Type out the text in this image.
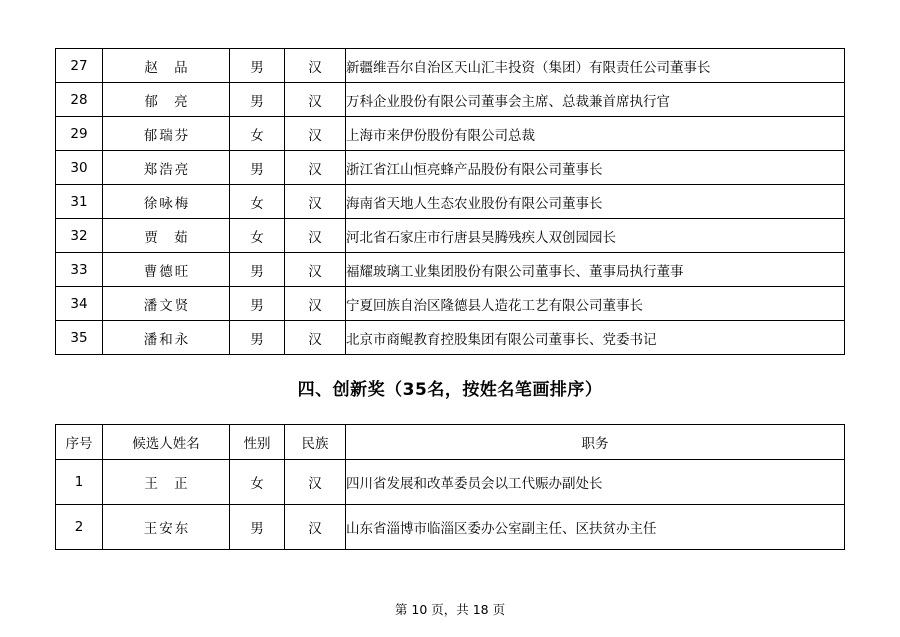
27	赵 品	男	汉	新疆维吾尔自治区天山汇丰投资（集团）有限责任公司董事长
28	郁 亮	男	汉	万科企业股份有限公司董事会主席、总裁兼首席执行官
29	郁瑞芬	女	汉	上海市来伊份股份有限公司总裁
30	郑浩亮	男	汉	浙江省江山恒亮蜂产品股份有限公司董事长
31	徐咏梅	女	汉	海南省天地人生态农业股份有限公司董事长
32	贾 茹	女	汉	河北省石家庄市行唐县昊腾残疾人双创园园长
33	曹德旺	男	汉	福耀玻璃工业集团股份有限公司董事长、董事局执行董事
34	潘文贤	男	汉	宁夏回族自治区隆德县人造花工艺有限公司董事长
35	潘和永	男	汉	北京市商鲲教育控股集团有限公司董事长、党委书记
四、创新奖（35名，按姓名笔画排序）
序号	候选人姓名	性别	民族	职务
1	王 正	女	汉	四川省发展和改革委员会以工代赈办副处长
2	王安东	男	汉	山东省淄博市临淄区委办公室副主任、区扶贫办主任
第 10 页，共 18 页
